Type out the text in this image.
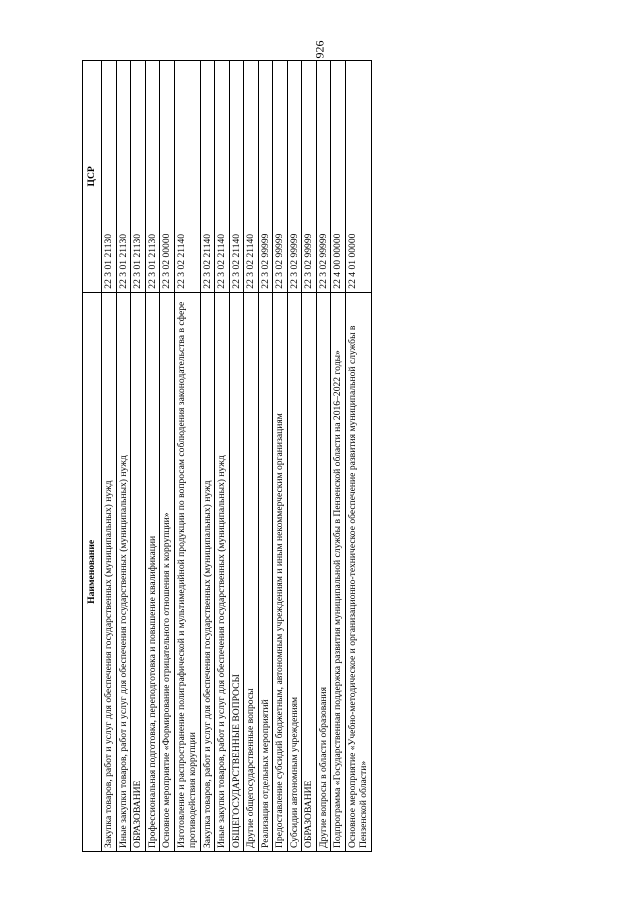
926
Наименование	ЦСР
Закупка товаров, работ и услуг для обеспечения государственных (муниципальных) нужд	22 3 01 21130
Иные закупки товаров, работ и услуг для обеспечения государственных (муниципальных) нужд	22 3 01 21130
ОБРАЗОВАНИЕ	22 3 01 21130
Профессиональная подготовка, переподготовка и повышение квалификации	22 3 01 21130
Основное мероприятие «Формирование отрицательного отношения к коррупции»	22 3 02 00000
Изготовление и распространение полиграфической и мультимедийной продукции по вопросам соблюдения законодательства в сфере противодействия коррупции	22 3 02 21140
Закупка товаров, работ и услуг для обеспечения государственных (муниципальных) нужд	22 3 02 21140
Иные закупки товаров, работ и услуг для обеспечения государственных (муниципальных) нужд	22 3 02 21140
ОБЩЕГОСУДАРСТВЕННЫЕ ВОПРОСЫ	22 3 02 21140
Другие общегосударственные вопросы	22 3 02 21140
Реализация отдельных мероприятий	22 3 02 99999
Предоставление субсидий бюджетным, автономным учреждениям и иным некоммерческим организациям	22 3 02 99999
Субсидии автономным учреждениям	22 3 02 99999
ОБРАЗОВАНИЕ	22 3 02 99999
Другие вопросы в области образования	22 3 02 99999
Подпрограмма «Государственная поддержка развития муниципальной службы в Пензенской области на 2016–2022 годы»	22 4 00 00000
Основное мероприятие «Учебно-методическое и организационно-техническое обеспечение развития муниципальной службы в Пензенской области»	22 4 01 00000
